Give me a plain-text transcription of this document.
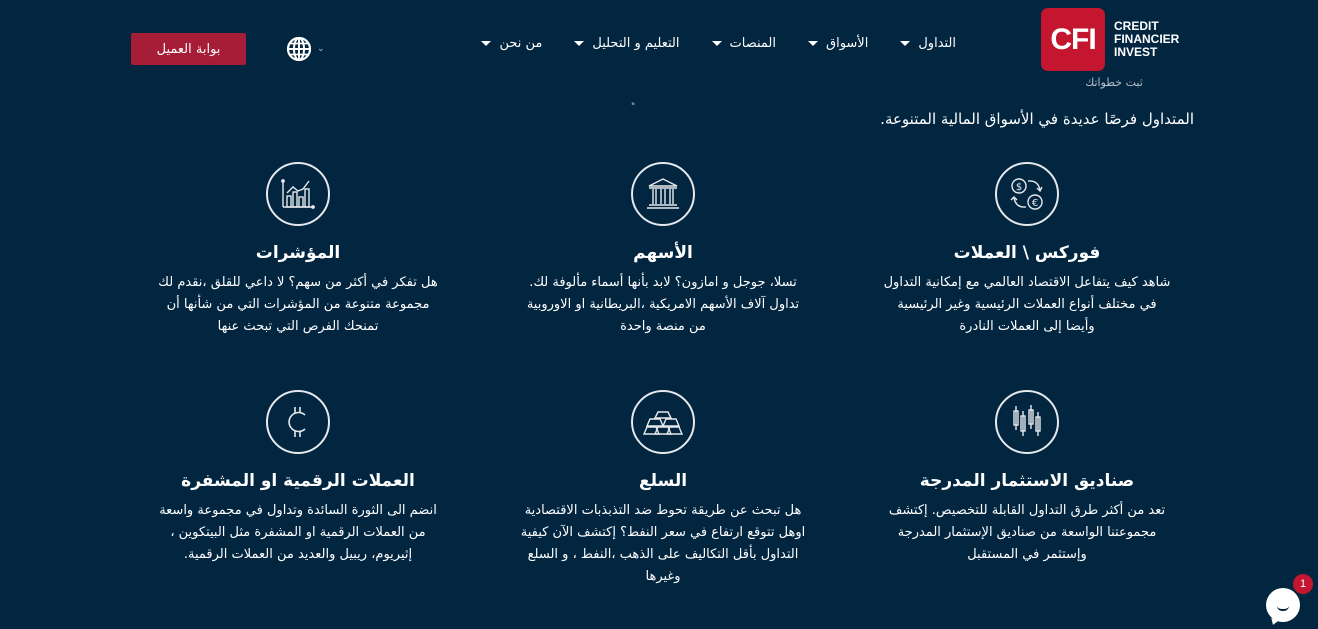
CFI	CREDIT
FINANCIER
INVEST
ثبت خطواتك
التداول
الأسواق
المنصات
التعليم و التحليل
من نحن
⌄
بوابة العميل
"
المتداول فرصًا عديدة في الأسواق المالية المتنوعة.
$
€
فوركس \ العملات
شاهد كيف يتفاعل الاقتصاد العالمي مع إمكانية التداول في مختلف أنواع العملات الرئيسية وغير الرئيسية وأيضا إلى العملات النادرة
الأسهم
تسلا، جوجل و امازون؟ لابد بأنها أسماء مألوفة لك. تداول آلاف الأسهم الامريكية ،البريطانية او الاوروبية من منصة واحدة
المؤشرات
هل تفكر في أكثر من سهم؟ لا داعي للقلق ،نقدم لك مجموعة متنوعة من المؤشرات التي من شأنها أن تمنحك الفرص التي تبحث عنها
صناديق الاستثمار المدرجة
تعد من أكثر طرق التداول القابلة للتخصيص. إكتشف مجموعتنا الواسعة من صناديق الإستثمار المدرجة وإستثمر في المستقبل
السلع
هل تبحث عن طريقة تحوط ضد التذبذبات الاقتصادية اوهل تتوقع ارتفاع في سعر النفط؟ إكتشف الآن كيفية التداول بأقل التكاليف على الذهب ،النفط ، و السلع وغيرها
العملات الرقمية او المشفرة
انضم الى الثورة السائدة وتداول في مجموعة واسعة من العملات الرقمية او المشفرة مثل البيتكوين ، إثيريوم، ريبيل والعديد من العملات الرقمية.
1
